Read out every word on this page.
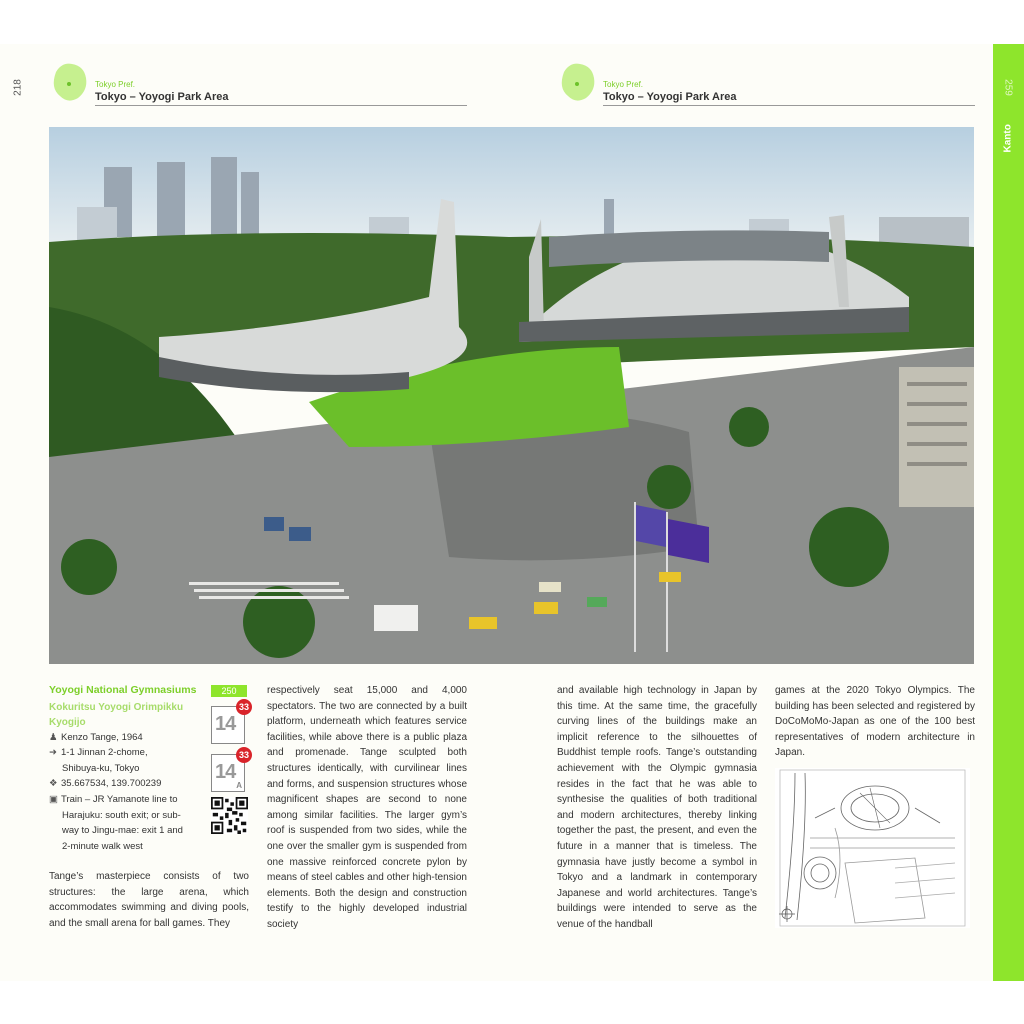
218	259
Kanto
Tokyo Pref.
Tokyo – Yoyogi Park Area
Tokyo Pref.
Tokyo – Yoyogi Park Area
Yoyogi National Gymnasiums
Kokuritsu Yoyogi Orimpikku Kyogijo
250
♟ Kenzo Tange, 1964
➜ 1-1 Jinnan 2-chome,
Shibuya-ku, Tokyo
❖ 35.667534, 139.700239
▣ Train – JR Yamanote line to
Harajuku: south exit; or sub-
way to Jingu-mae: exit 1 and
2-minute walk west
14
33
14
33
A
Tange’s masterpiece consists of two structures: the large arena, which accommodates swimming and diving pools, and the small arena for ball games. They
respectively seat 15,000 and 4,000 spectators. The two are connected by a built platform, underneath which features service facilities, while above there is a public plaza and promenade. Tange sculpted both structures identically, with curvilinear lines and forms, and suspension structures whose magnificent shapes are second to none among similar facilities. The larger gym’s roof is suspended from two sides, while the one over the smaller gym is suspended from one massive reinforced concrete pylon by means of steel cables and other high-tension elements. Both the design and construction testify to the highly developed industrial society
and available high technology in Japan by this time. At the same time, the gracefully curving lines of the buildings make an implicit reference to the silhouettes of Buddhist temple roofs. Tange’s outstanding achievement with the Olympic gymnasia resides in the fact that he was able to synthesise the qualities of both traditional and modern architectures, thereby linking together the past, the present, and even the future in a manner that is timeless. The gymnasia have justly become a symbol in Tokyo and a landmark in contemporary Japanese and world architectures. Tange’s buildings were intended to serve as the venue of the handball
games at the 2020 Tokyo Olympics. The building has been selected and registered by DoCoMoMo-Japan as one of the 100 best representatives of modern architecture in Japan.
